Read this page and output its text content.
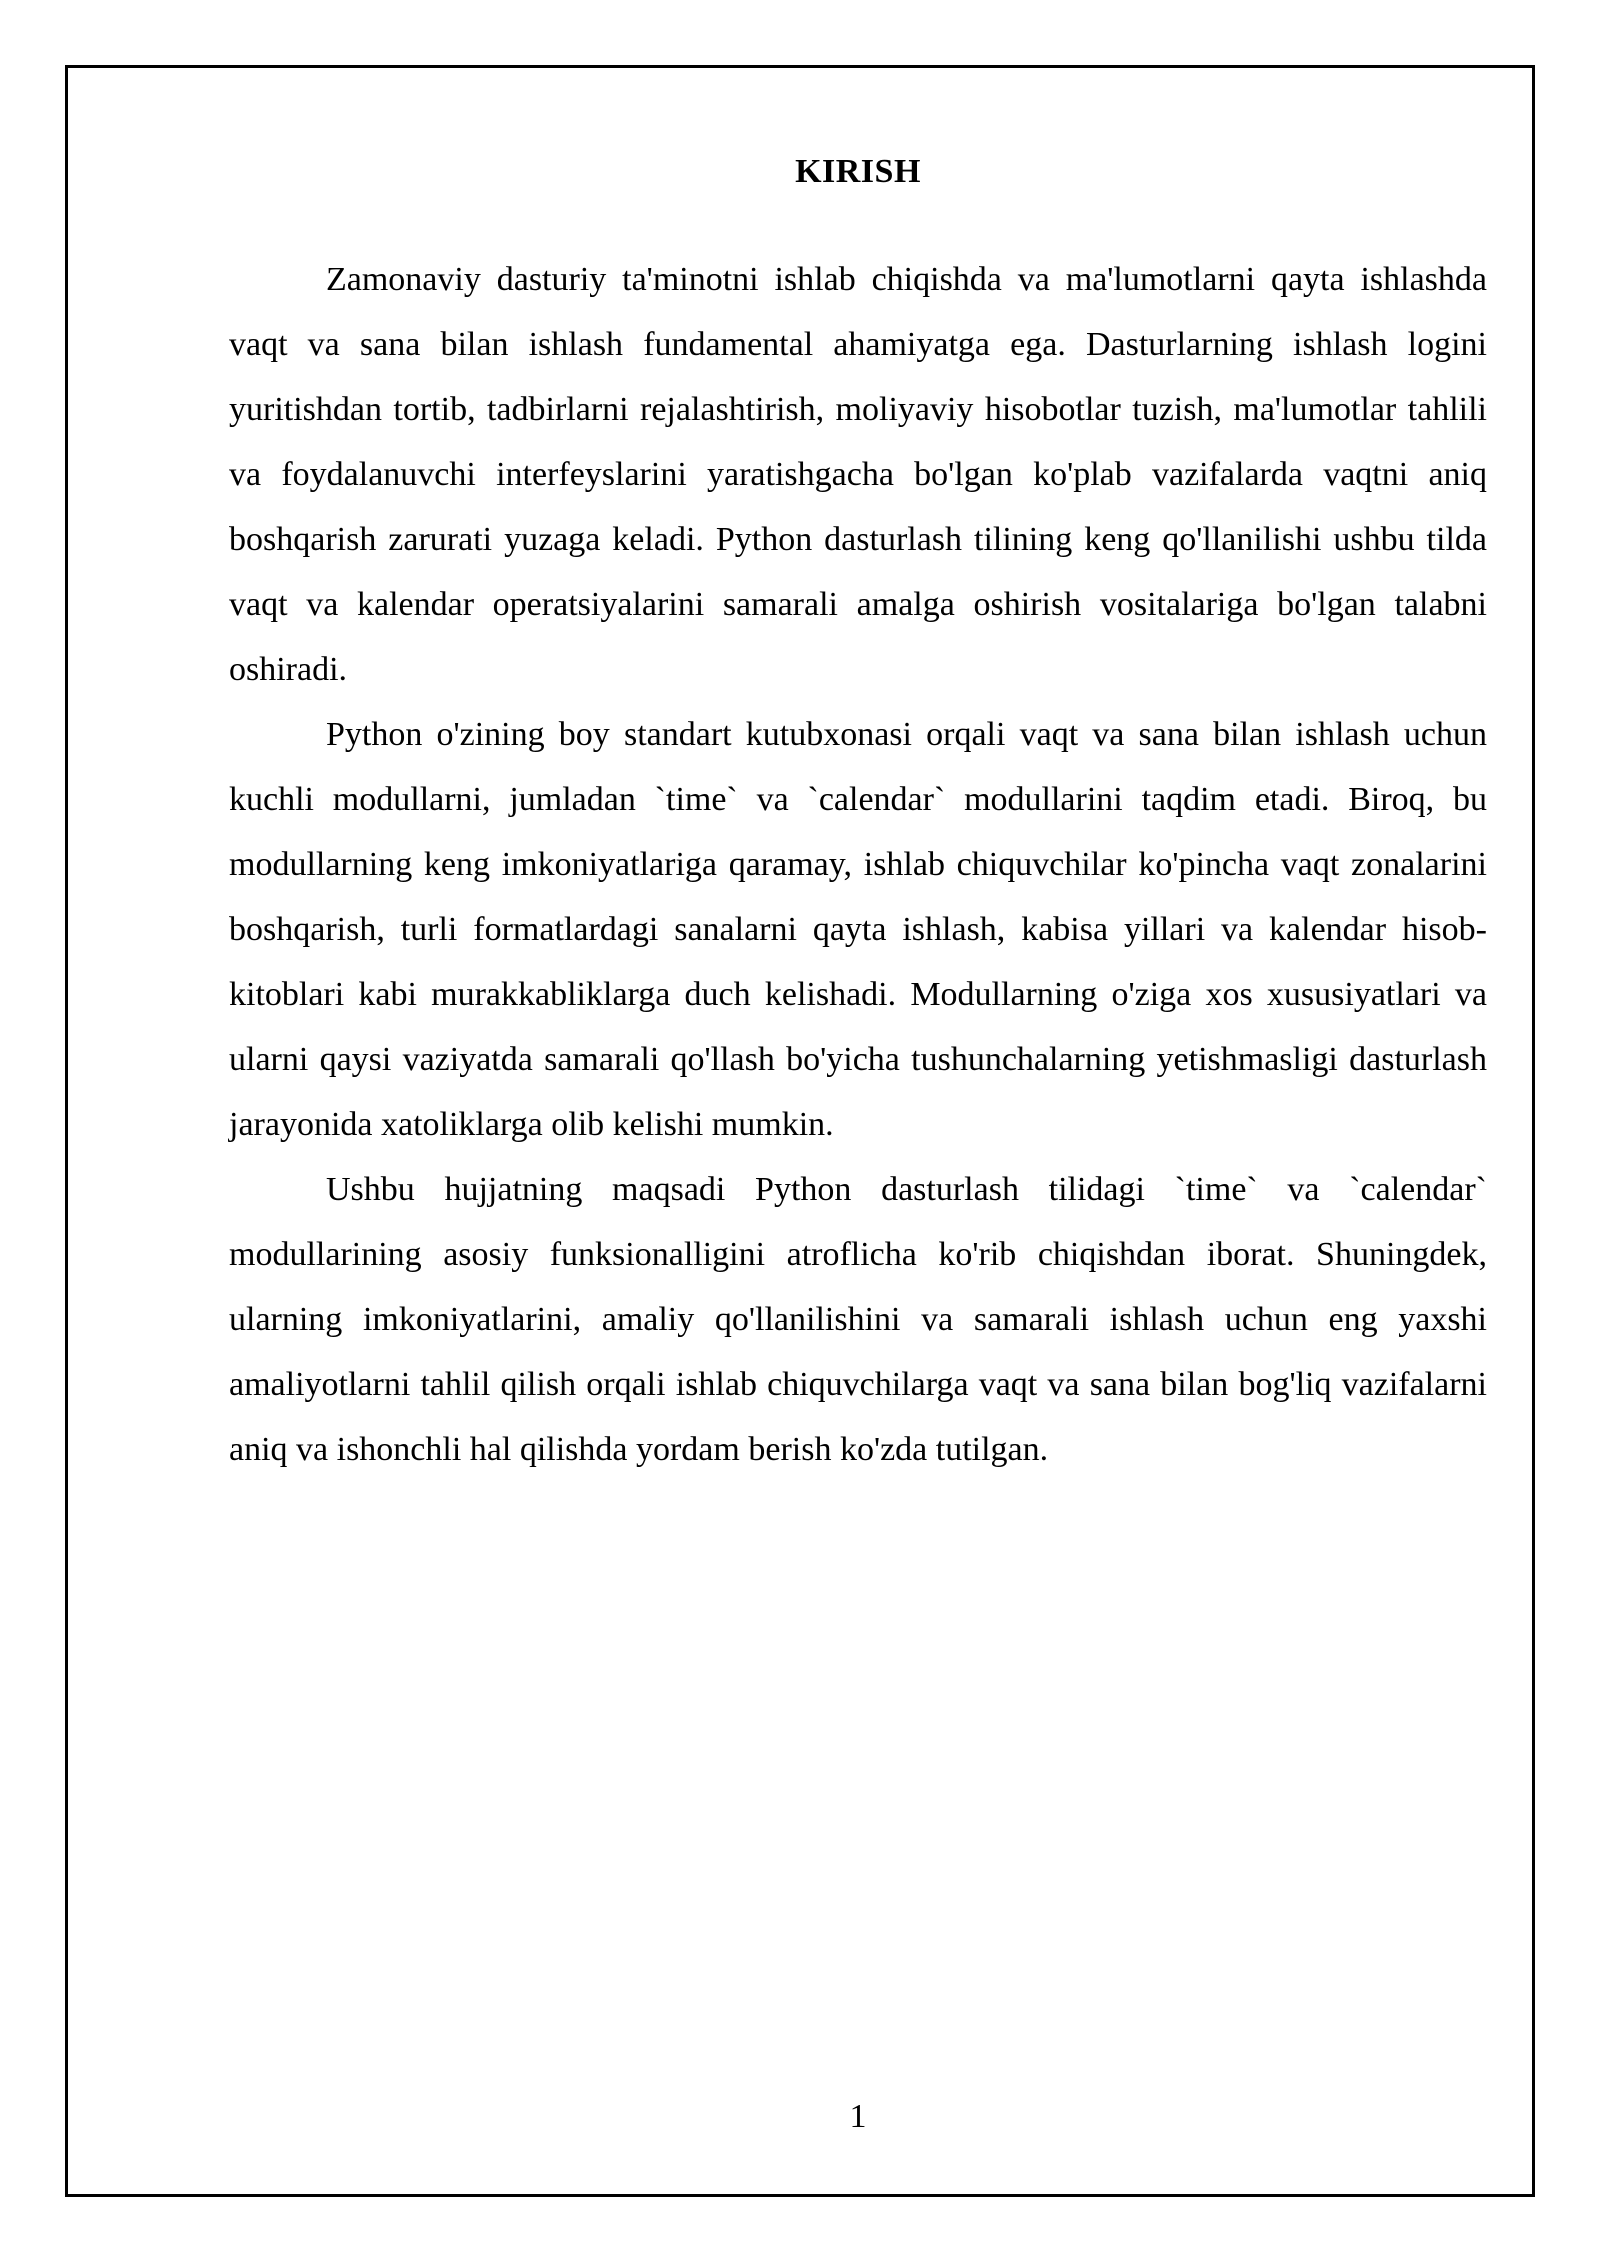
KIRISH

Zamonaviy dasturiy ta'minotni ishlab chiqishda va ma'lumotlarni qayta ishlashda vaqt va sana bilan ishlash fundamental ahamiyatga ega. Dasturlarning ishlash logini yuritishdan tortib, tadbirlarni rejalashtirish, moliyaviy hisobotlar tuzish, ma'lumotlar tahlili va foydalanuvchi interfeyslarini yaratishgacha bo'lgan ko'plab vazifalarda vaqtni aniq boshqarish zarurati yuzaga keladi. Python dasturlash tilining keng qo'llanilishi ushbu tilda vaqt va kalendar operatsiyalarini samarali amalga oshirish vositalariga bo'lgan talabni oshiradi.

Python o'zining boy standart kutubxonasi orqali vaqt va sana bilan ishlash uchun kuchli modullarni, jumladan `time` va `calendar` modullarini taqdim etadi. Biroq, bu modullarning keng imkoniyatlariga qaramay, ishlab chiquvchilar ko'pincha vaqt zonalarini boshqarish, turli formatlardagi sanalarni qayta ishlash, kabisa yillari va kalendar hisob-kitoblari kabi murakkabliklarga duch kelishadi. Modullarning o'ziga xos xususiyatlari va ularni qaysi vaziyatda samarali qo'llash bo'yicha tushunchalarning yetishmasligi dasturlash jarayonida xatoliklarga olib kelishi mumkin.

Ushbu hujjatning maqsadi Python dasturlash tilidagi `time` va `calendar` modullarining asosiy funksionalligini atroflicha ko'rib chiqishdan iborat. Shuningdek, ularning imkoniyatlarini, amaliy qo'llanilishini va samarali ishlash uchun eng yaxshi amaliyotlarni tahlil qilish orqali ishlab chiquvchilarga vaqt va sana bilan bog'liq vazifalarni aniq va ishonchli hal qilishda yordam berish ko'zda tutilgan.

1
